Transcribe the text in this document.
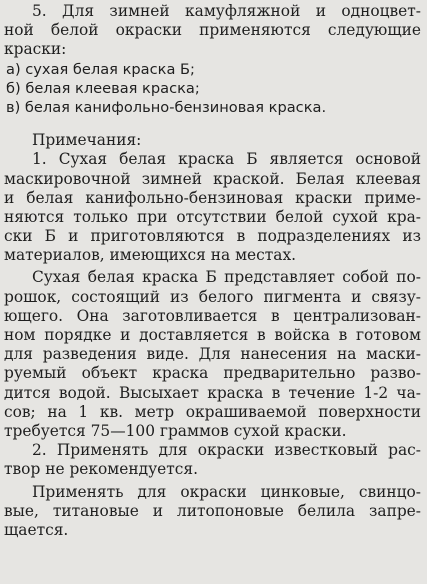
5. Для зимней камуфляжной и одноцвет-
ной белой окраски применяются следующие
краски:
а) сухая белая краска Б;
б) белая клеевая краска;
в) белая канифольно-бензиновая краска.
Примечания:
1. Сухая белая краска Б является основой
маскировочной зимней краской. Белая клеевая
и белая канифольно-бензиновая краски приме-
няются только при отсутствии белой сухой кра-
ски Б и приготовляются в подразделениях из
материалов, имеющихся на местах.
Сухая белая краска Б представляет собой по-
рошок, состоящий из белого пигмента и связу-
ющего. Она заготовливается в централизован-
ном порядке и доставляется в войска в готовом
для разведения виде. Для нанесения на маски-
руемый объект краска предварительно разво-
дится водой. Высыхает краска в течение 1-2 ча-
сов; на 1 кв. метр окрашиваемой поверхности
требуется 75—100 граммов сухой краски.
2. Применять для окраски известковый рас-
твор не рекомендуется.
Применять для окраски цинковые, свинцо-
вые, титановые и литопоновые белила запре-
щается.
